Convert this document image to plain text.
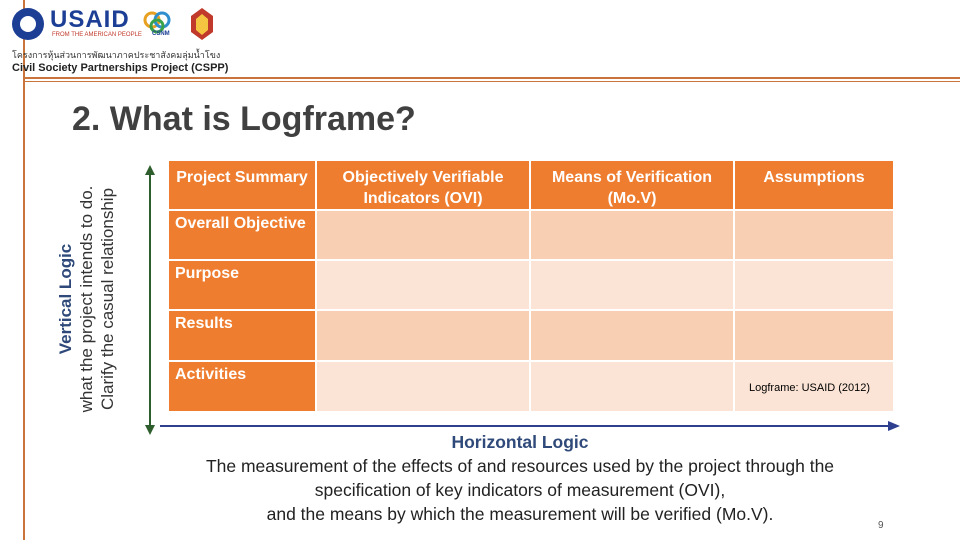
USAID
FROM THE AMERICAN PEOPLE CSNM
โครงการหุ้นส่วนการพัฒนาภาคประชาสังคมลุ่มน้ำโขง
Civil Society Partnerships Project (CSPP)
2. What is Logframe?
Vertical Logic what the project intends to do. Clarify the casual relationship
Project Summary	Objectively Verifiable Indicators (OVI)
Means of Verification (Mo.V)
Assumptions
Overall Objective
Purpose
Results
Activities
Logframe: USAID (2012)
Horizontal Logic
The measurement of the effects of and resources used by the project through the
specification of key indicators of measurement (OVI),
and the means by which the measurement will be verified (Mo.V).
9
